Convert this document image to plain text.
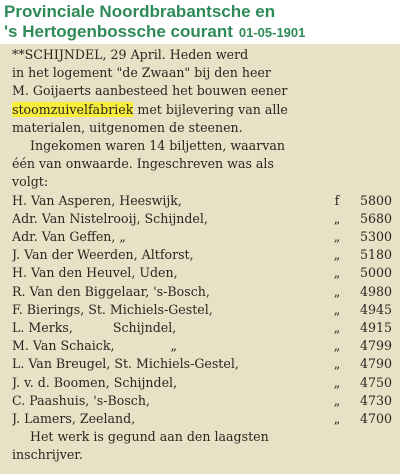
Provinciale Noordbrabantsche en
's Hertogenbossche courant 01-05-1901
**SCHIJNDEL, 29 April. Heden werd
in het logement "de Zwaan" bij den heer
M. Goijaerts aanbesteed het bouwen eener
stoomzuivelfabriek met bijlevering van alle
materialen, uitgenomen de steenen.
Ingekomen waren 14 biljetten, waarvan
één van onwaarde. Ingeschreven was als
volgt:
H. Van Asperen, Heeswijk,	f	5800
Adr. Van Nistelrooij, Schijndel,	„	5680
Adr. Van Geffen, „	„	5300
J. Van der Weerden, Altforst,	„	5180
H. Van den Heuvel, Uden,	„	5000
R. Van den Biggelaar, 's-Bosch,	„	4980
F. Bierings, St. Michiels-Gestel,	„	4945
L. Merks,          Schijndel,	„	4915
M. Van Schaick,              „	„	4799
L. Van Breugel, St. Michiels-Gestel,	„	4790
J. v. d. Boomen, Schijndel,	„	4750
C. Paashuis, 's-Bosch,	„	4730
J. Lamers, Zeeland,	„	4700
Het werk is gegund aan den laagsten
inschrijver.
